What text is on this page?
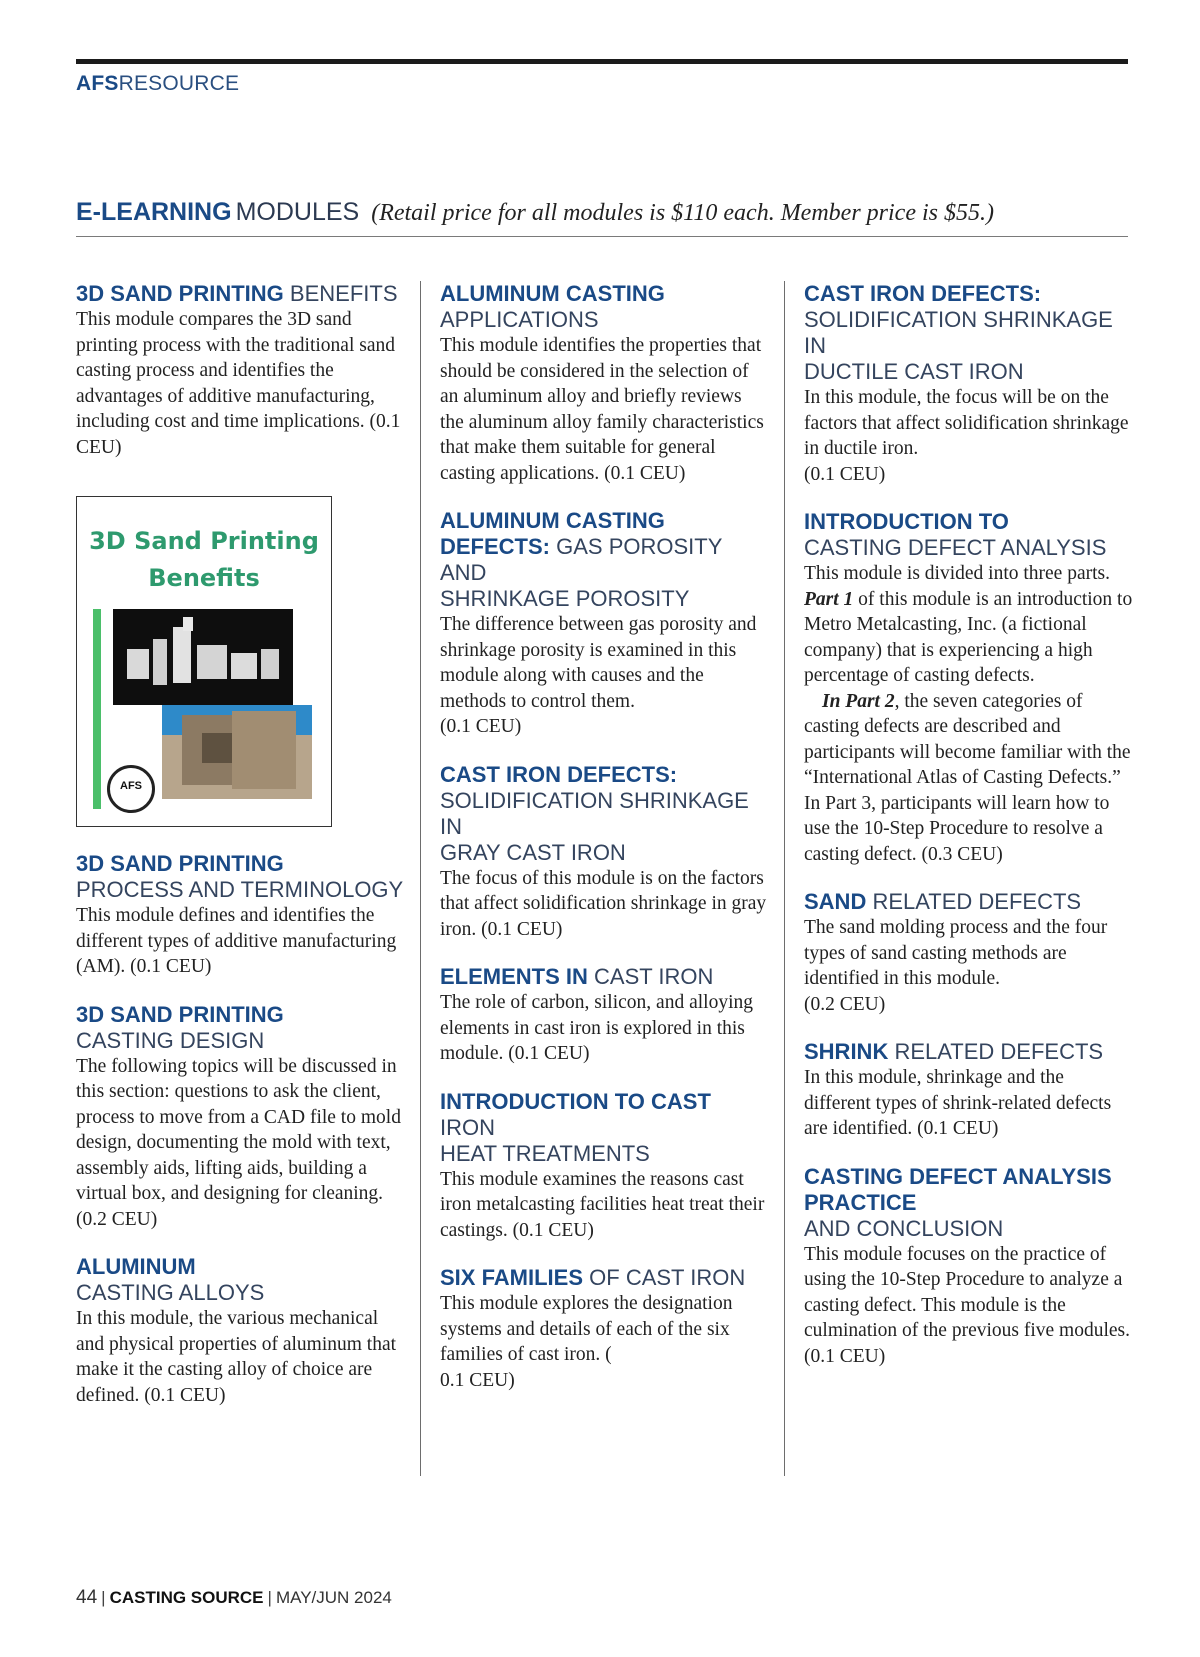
AFSRESOURCE
E-LEARNING MODULES (Retail price for all modules is $110 each. Member price is $55.)
3D SAND PRINTING BENEFITS
This module compares the 3D sand printing process with the traditional sand casting process and identifies the advantages of additive manufacturing, including cost and time implications. (0.1 CEU)
3D Sand Printing Benefits
AFS
3D SAND PRINTING
PROCESS AND TERMINOLOGY
This module defines and identifies the different types of additive manufacturing (AM). (0.1 CEU)
3D SAND PRINTING
CASTING DESIGN
The following topics will be discussed in this section: questions to ask the client, process to move from a CAD file to mold design, documenting the mold with text, assembly aids, lifting aids, building a virtual box, and designing for cleaning. (0.2 CEU)
ALUMINUM
CASTING ALLOYS
In this module, the various mechanical and physical properties of aluminum that make it the casting alloy of choice are defined. (0.1 CEU)
ALUMINUM CASTING
APPLICATIONS
This module identifies the properties that should be considered in the selection of an aluminum alloy and briefly reviews the aluminum alloy family characteristics that make them suitable for general casting applications. (0.1 CEU)
ALUMINUM CASTING
DEFECTS: GAS POROSITY AND
SHRINKAGE POROSITY

The difference between gas porosity and shrinkage porosity is examined in this module along with causes and the methods to control them.

(0.1 CEU)

CAST IRON DEFECTS:
SOLIDIFICATION SHRINKAGE IN
GRAY CAST IRON
The focus of this module is on the factors that affect solidification shrinkage in gray iron. (0.1 CEU)
ELEMENTS IN CAST IRON
The role of carbon, silicon, and alloying elements in cast iron is explored in this module. (0.1 CEU)
INTRODUCTION TO CAST IRON
HEAT TREATMENTS
This module examines the reasons cast iron metalcasting facilities heat treat their castings. (0.1 CEU)
SIX FAMILIES OF CAST IRON

This module explores the designation systems and details of each of the six families of cast iron. (

0.1 CEU)

CAST IRON DEFECTS:
SOLIDIFICATION SHRINKAGE IN
DUCTILE CAST IRON

In this module, the focus will be on the factors that affect solidification shrinkage in ductile iron.

(0.1 CEU)

INTRODUCTION TO
CASTING DEFECT ANALYSIS

This module is divided into three parts.

Part 1 of this module is an introduction to Metro Metalcasting, Inc. (a fictional company) that is experiencing a high percentage of casting defects.

In Part 2, the seven categories of casting defects are described and participants will become familiar with the “International Atlas of Casting Defects.” In Part 3, participants will learn how to use the 10-Step Procedure to resolve a casting defect. (0.3 CEU)

SAND RELATED DEFECTS

The sand molding process and the four types of sand casting methods are identified in this module.

(0.2 CEU)

SHRINK RELATED DEFECTS
In this module, shrinkage and the different types of shrink-related defects are identified. (0.1 CEU)
CASTING DEFECT ANALYSIS PRACTICE
AND CONCLUSION

This module focuses on the practice of using the 10-Step Procedure to analyze a casting defect. This module is the culmination of the previous five modules.

(0.1 CEU)

44 | CASTING SOURCE | MAY/JUN 2024
